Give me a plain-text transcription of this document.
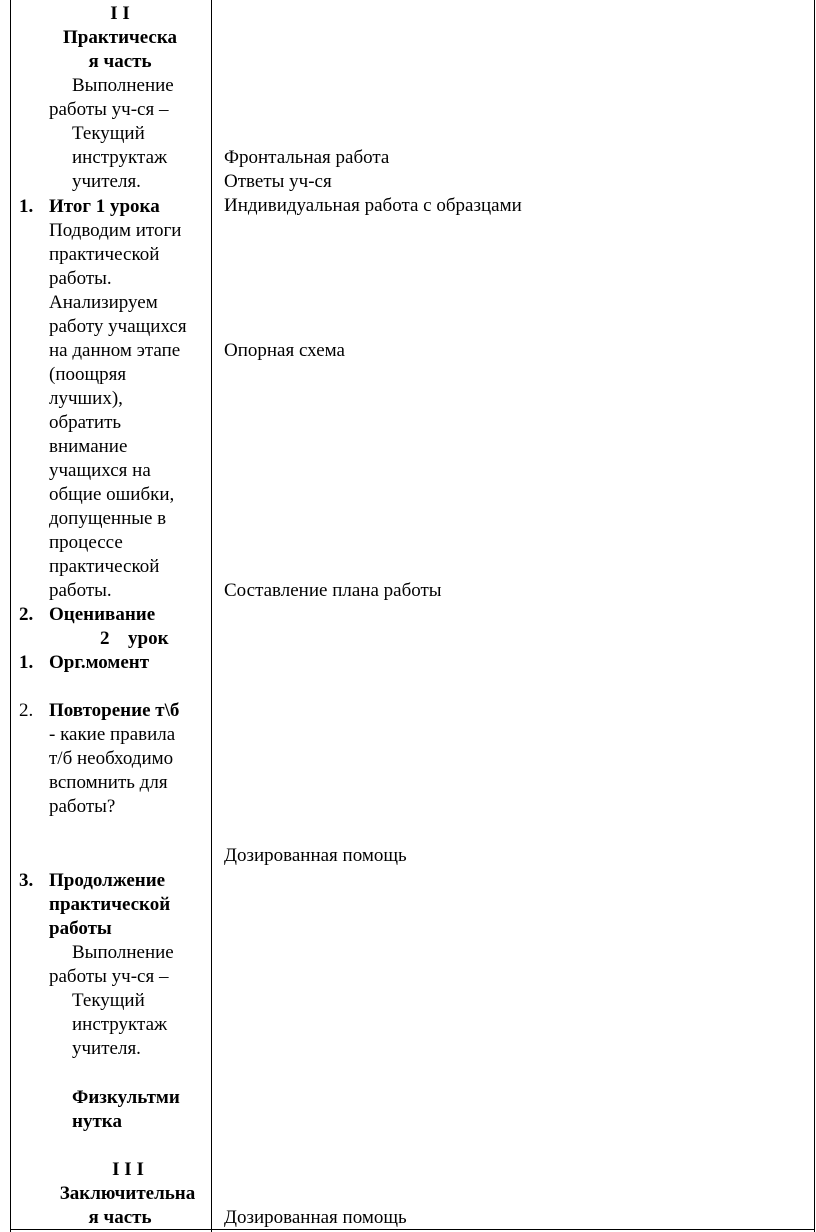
I I
Практическа
я часть
Выполнение
работы уч-ся –
Текущий
инструктаж
учителя.
1. Итог 1 урока
Подводим итоги
практической
работы.
Анализируем
работу учащихся
на данном этапе
(поощряя
лучших),
обратить
внимание
учащихся на
общие ошибки,
допущенные в
процессе
практической
работы.
2. Оценивание
2 урок
1. Орг.момент
2. Повторение т\б
- какие правила
т/б необходимо
вспомнить для
работы?
3. Продолжение
практической
работы
Выполнение
работы уч-ся –
Текущий
инструктаж
учителя.
Физкультми
нутка
I I I
Заключительна
я часть
Фронтальная работа
Ответы уч-ся
Индивидуальная работа с образцами
Опорная схема
Составление плана работы
Дозированная помощь
Дозированная помощь
